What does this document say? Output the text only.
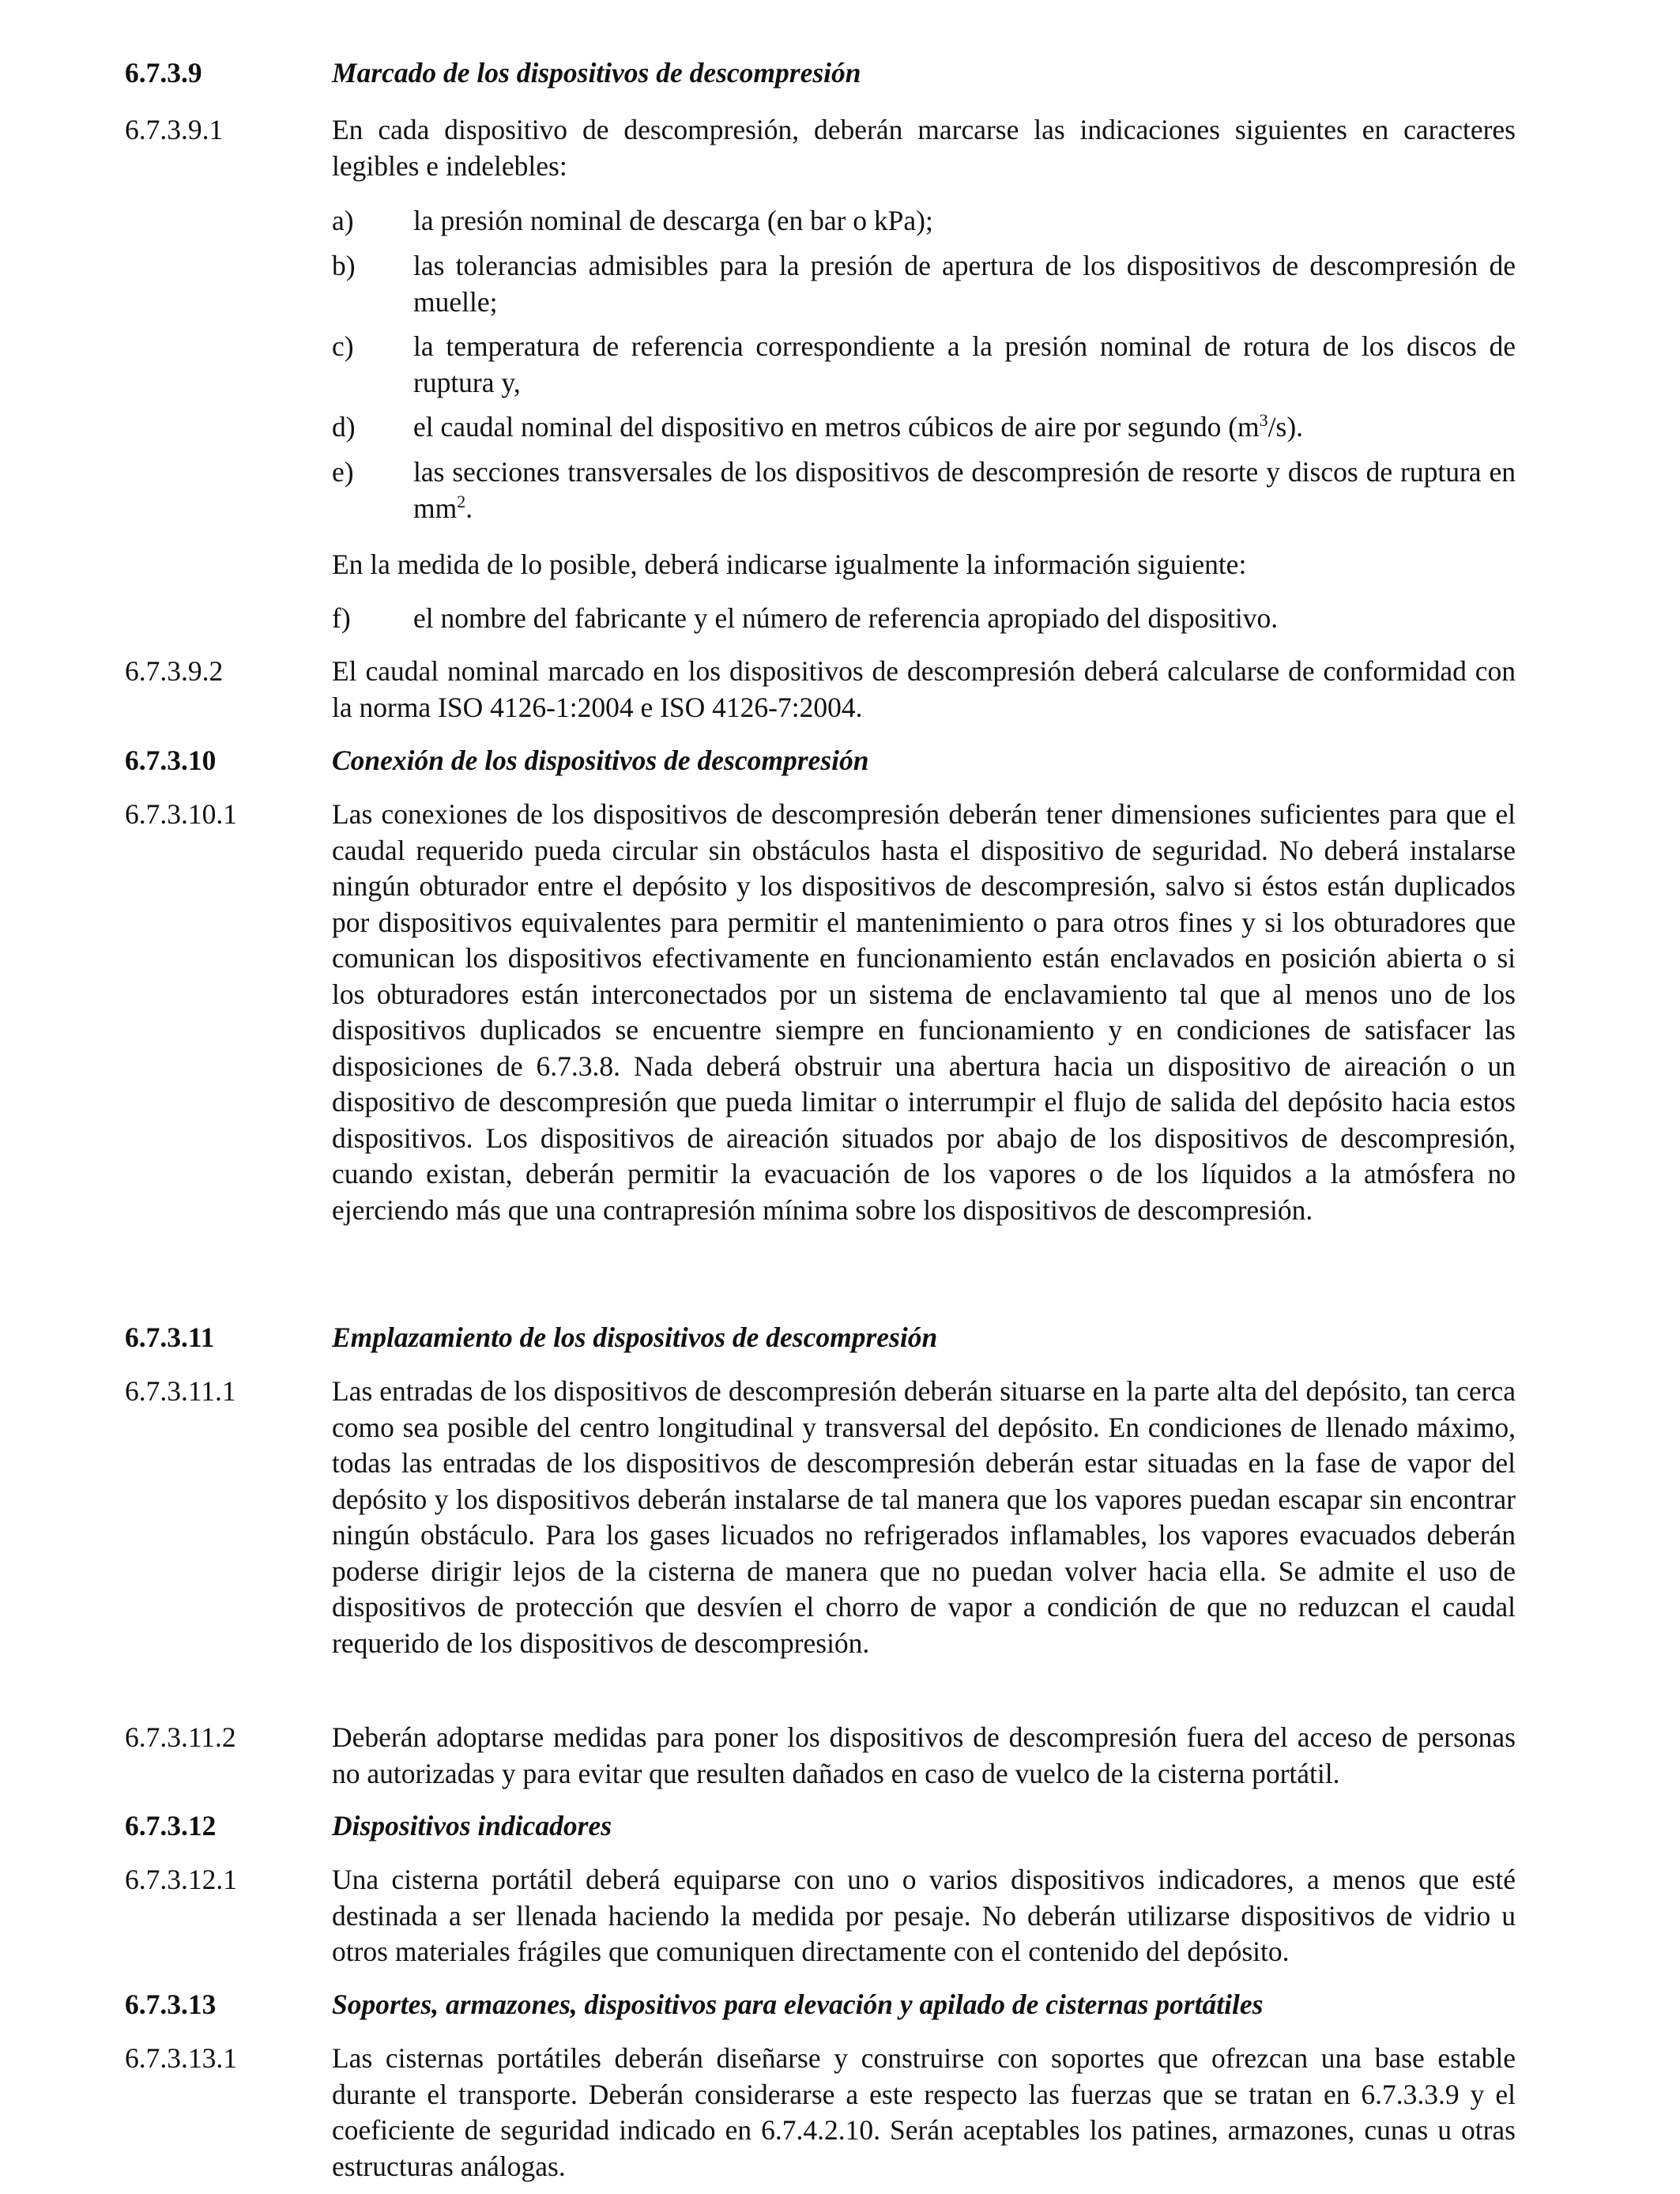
6.7.3.9	Marcado de los dispositivos de descompresión
6.7.3.9.1	En cada dispositivo de descompresión, deberán marcarse las indicaciones siguientes en caracteres legibles e indelebles:
a) la presión nominal de descarga (en bar o kPa);
b) las tolerancias admisibles para la presión de apertura de los dispositivos de descompresión de muelle;
c) la temperatura de referencia correspondiente a la presión nominal de rotura de los discos de ruptura y,
d) el caudal nominal del dispositivo en metros cúbicos de aire por segundo $(m^3/s)$.
e) las secciones transversales de los dispositivos de descompresión de resorte y discos de ruptura en $mm^2$.
En la medida de lo posible, deberá indicarse igualmente la información siguiente:
f) el nombre del fabricante y el número de referencia apropiado del dispositivo.
6.7.3.9.2	El caudal nominal marcado en los dispositivos de descompresión deberá calcularse de conformidad con la norma ISO 4126-1:2004 e ISO 4126-7:2004.
6.7.3.10	Conexión de los dispositivos de descompresión
6.7.3.10.1	Las conexiones de los dispositivos de descompresión deberán tener dimensiones suficientes para que el caudal requerido pueda circular sin obstáculos hasta el dispositivo de seguridad. No deberá instalarse ningún obturador entre el depósito y los dispositivos de descompresión, salvo si éstos están duplicados por dispositivos equivalentes para permitir el mantenimiento o para otros fines y si los obturadores que comunican los dispositivos efectivamente en funcionamiento están enclavados en posición abierta o si los obturadores están interconectados por un sistema de enclavamiento tal que al menos uno de los dispositivos duplicados se encuentre siempre en funcionamiento y en condiciones de satisfacer las disposiciones de 6.7.3.8. Nada deberá obstruir una abertura hacia un dispositivo de aireación o un dispositivo de descompresión que pueda limitar o interrumpir el flujo de salida del depósito hacia estos dispositivos. Los dispositivos de aireación situados por abajo de los dispositivos de descompresión, cuando existan, deberán permitir la evacuación de los vapores o de los líquidos a la atmósfera no ejerciendo más que una contrapresión mínima sobre los dispositivos de descompresión.
6.7.3.11	Emplazamiento de los dispositivos de descompresión
6.7.3.11.1	Las entradas de los dispositivos de descompresión deberán situarse en la parte alta del depósito, tan cerca como sea posible del centro longitudinal y transversal del depósito. En condiciones de llenado máximo, todas las entradas de los dispositivos de descompresión deberán estar situadas en la fase de vapor del depósito y los dispositivos deberán instalarse de tal manera que los vapores puedan escapar sin encontrar ningún obstáculo. Para los gases licuados no refrigerados inflamables, los vapores evacuados deberán poderse dirigir lejos de la cisterna de manera que no puedan volver hacia ella. Se admite el uso de dispositivos de protección que desvíen el chorro de vapor a condición de que no reduzcan el caudal requerido de los dispositivos de descompresión.
6.7.3.11.2	Deberán adoptarse medidas para poner los dispositivos de descompresión fuera del acceso de personas no autorizadas y para evitar que resulten dañados en caso de vuelco de la cisterna portátil.
6.7.3.12	Dispositivos indicadores
6.7.3.12.1	Una cisterna portátil deberá equiparse con uno o varios dispositivos indicadores, a menos que esté destinada a ser llenada haciendo la medida por pesaje. No deberán utilizarse dispositivos de vidrio u otros materiales frágiles que comuniquen directamente con el contenido del depósito.
6.7.3.13	Soportes, armazones, dispositivos para elevación y apilado de cisternas portátiles
6.7.3.13.1	Las cisternas portátiles deberán diseñarse y construirse con soportes que ofrezcan una base estable durante el transporte. Deberán considerarse a este respecto las fuerzas que se tratan en 6.7.3.3.9 y el coeficiente de seguridad indicado en 6.7.4.2.10. Serán aceptables los patines, armazones, cunas u otras estructuras análogas.
